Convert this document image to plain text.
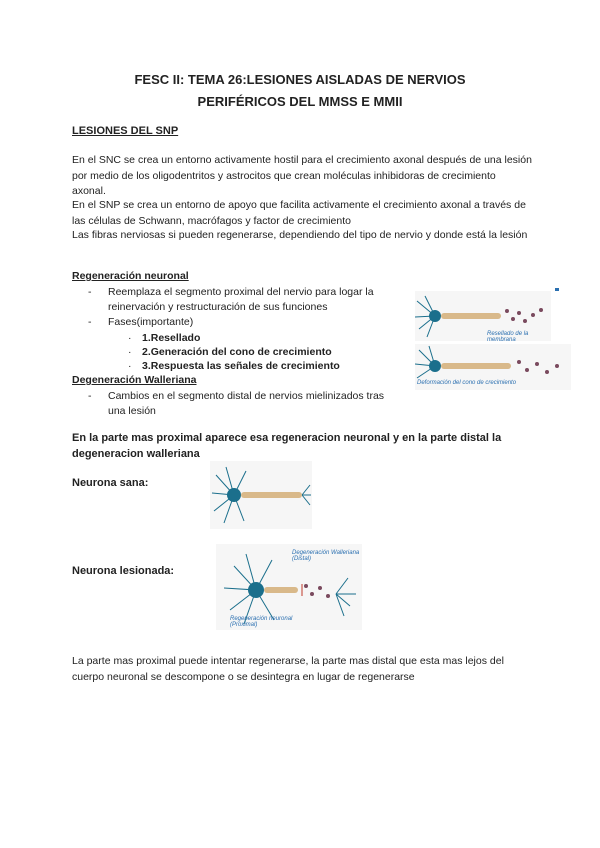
FESC II: TEMA 26:LESIONES AISLADAS DE NERVIOS
PERIFÉRICOS DEL MMSS E MMII
LESIONES DEL SNP
En el SNC se crea un entorno activamente hostil para el crecimiento axonal después de una lesión por medio de los oligodentritos y astrocitos que crean moléculas inhibidoras de crecimiento axonal.
En el SNP se crea un entorno de apoyo que facilita activamente el crecimiento axonal a través de las células de Schwann, macrófagos y factor de crecimiento
Las fibras nerviosas si pueden regenerarse, dependiendo del tipo de nervio y donde está la lesión
Regeneración neuronal
- Reemplaza el segmento proximal del nervio para logar la reinervación y restructuración de sus funciones
- Fases(importante)
· 1.Resellado
· 2.Generación del cono de crecimiento
· 3.Respuesta las señales de crecimiento
Degeneración Walleriana
- Cambios en el segmento distal de nervios mielinizados tras una lesión
Resellado de la membrana
Deformación del cono de crecimiento
En la parte mas proximal aparece esa regeneracion neuronal y en la parte distal la degeneracion walleriana
Neurona sana:
Neurona lesionada:
Degeneración Walleriana (Distal)
Regeneración neuronal (Proximal)
La parte mas proximal puede intentar regenerarse, la parte mas distal que esta mas lejos del cuerpo neuronal se descompone o se desintegra en lugar de regenerarse
